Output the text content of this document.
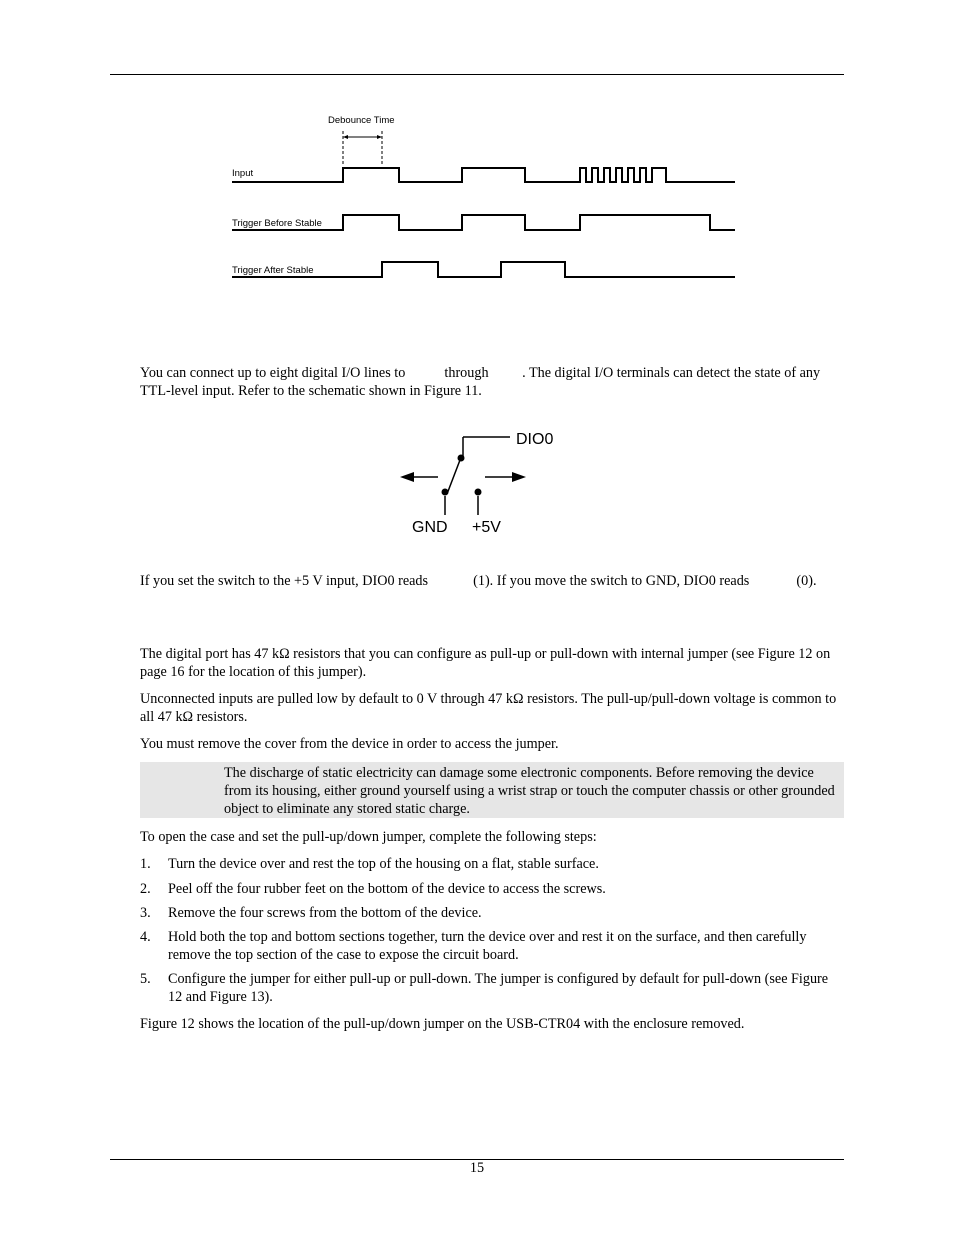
Debounce Time
Input
Trigger Before Stable
Trigger After Stable

You can connect up to eight digital I/O lines to	through . The digital I/O terminals can detect the state of any TTL-level input. Refer to the schematic shown in Figure 11.

DIO0
GND +5V

If you set the switch to the +5 V input, DIO0 reads	(1). If you move the switch to GND, DIO0 reads	(0).

The digital port has 47 kΩ resistors that you can configure as pull-up or pull-down with internal jumper (see Figure 12 on page 16 for the location of this jumper).

Unconnected inputs are pulled low by default to 0 V through 47 kΩ resistors. The pull-up/pull-down voltage is common to all 47 kΩ resistors.

You must remove the cover from the device in order to access the jumper.

The discharge of static electricity can damage some electronic components. Before removing the device from its housing, either ground yourself using a wrist strap or touch the computer chassis or other grounded object to eliminate any stored static charge.

To open the case and set the pull-up/down jumper, complete the following steps:

1. Turn the device over and rest the top of the housing on a flat, stable surface.
2. Peel off the four rubber feet on the bottom of the device to access the screws.
3. Remove the four screws from the bottom of the device.
4. Hold both the top and bottom sections together, turn the device over and rest it on the surface, and then carefully remove the top section of the case to expose the circuit board.
5. Configure the jumper for either pull-up or pull-down. The jumper is configured by default for pull-down (see Figure 12 and Figure 13).

Figure 12 shows the location of the pull-up/down jumper on the USB-CTR04 with the enclosure removed.

15
